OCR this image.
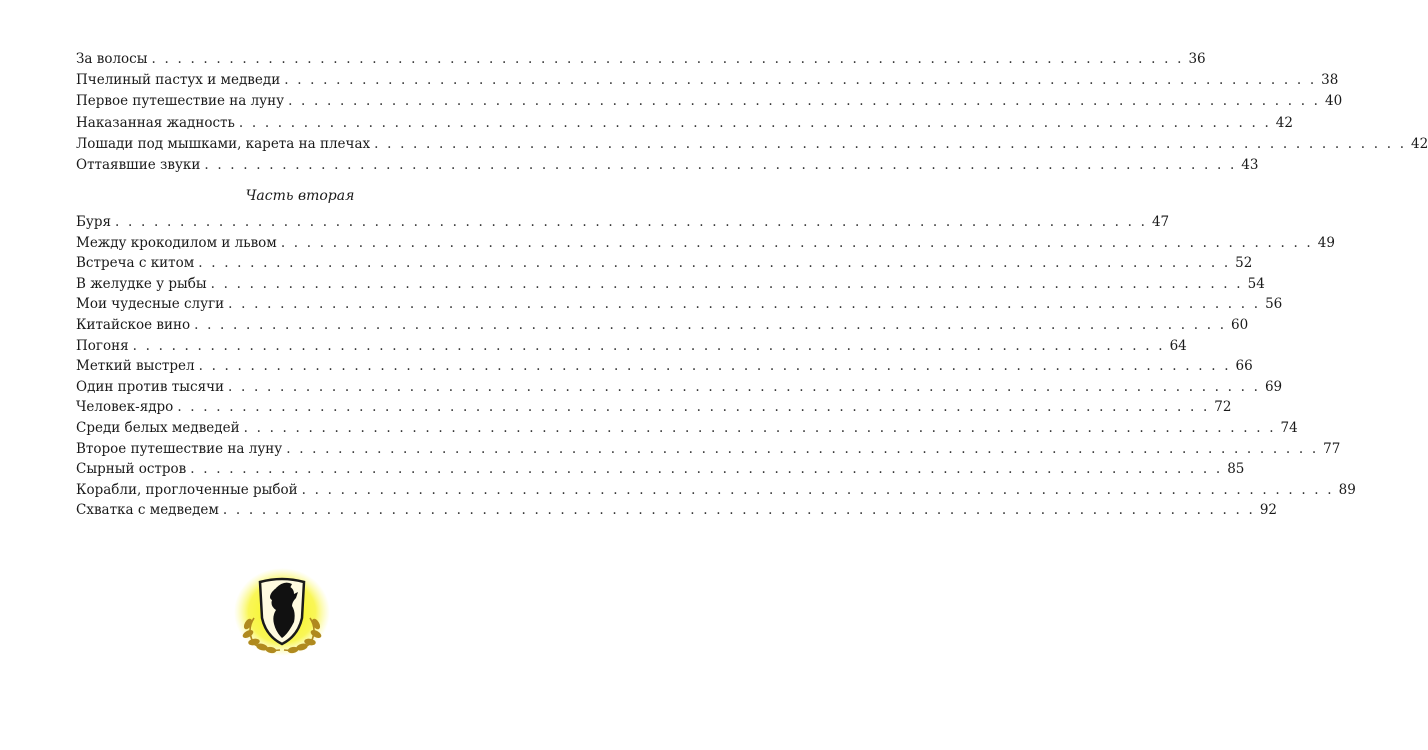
За волосы . . . . . . . . . . . . . . . . . . . . . . . . . . . . . . . . . . . . . . . . . . . . . . . . . . . . . . . . . . . . . . . . . . . . . . . . . . . . . . . . 36
Пчелиный пастух и медведи . . . . . . . . . . . . . . . . . . . . . . . . . . . . . . . . . . . . . . . . . . . . . . . . . . . . . . . . . . . . . . . . . . . . . . . . . . . . . . . . 38
Первое путешествие на луну . . . . . . . . . . . . . . . . . . . . . . . . . . . . . . . . . . . . . . . . . . . . . . . . . . . . . . . . . . . . . . . . . . . . . . . . . . . . . . . . 40
Наказанная жадность . . . . . . . . . . . . . . . . . . . . . . . . . . . . . . . . . . . . . . . . . . . . . . . . . . . . . . . . . . . . . . . . . . . . . . . . . . . . . . . . 42
Лошади под мышками, карета на плечах . . . . . . . . . . . . . . . . . . . . . . . . . . . . . . . . . . . . . . . . . . . . . . . . . . . . . . . . . . . . . . . . . . . . . . . . . . . . . . . . 42
Оттаявшие звуки . . . . . . . . . . . . . . . . . . . . . . . . . . . . . . . . . . . . . . . . . . . . . . . . . . . . . . . . . . . . . . . . . . . . . . . . . . . . . . . . 43
Часть вторая
Буря . . . . . . . . . . . . . . . . . . . . . . . . . . . . . . . . . . . . . . . . . . . . . . . . . . . . . . . . . . . . . . . . . . . . . . . . . . . . . . . . 47
Между крокодилом и львом . . . . . . . . . . . . . . . . . . . . . . . . . . . . . . . . . . . . . . . . . . . . . . . . . . . . . . . . . . . . . . . . . . . . . . . . . . . . . . . . 49
Встреча с китом . . . . . . . . . . . . . . . . . . . . . . . . . . . . . . . . . . . . . . . . . . . . . . . . . . . . . . . . . . . . . . . . . . . . . . . . . . . . . . . . 52
В желудке у рыбы . . . . . . . . . . . . . . . . . . . . . . . . . . . . . . . . . . . . . . . . . . . . . . . . . . . . . . . . . . . . . . . . . . . . . . . . . . . . . . . . 54
Мои чудесные слуги . . . . . . . . . . . . . . . . . . . . . . . . . . . . . . . . . . . . . . . . . . . . . . . . . . . . . . . . . . . . . . . . . . . . . . . . . . . . . . . . 56
Китайское вино . . . . . . . . . . . . . . . . . . . . . . . . . . . . . . . . . . . . . . . . . . . . . . . . . . . . . . . . . . . . . . . . . . . . . . . . . . . . . . . . 60
Погоня . . . . . . . . . . . . . . . . . . . . . . . . . . . . . . . . . . . . . . . . . . . . . . . . . . . . . . . . . . . . . . . . . . . . . . . . . . . . . . . . 64
Меткий выстрел . . . . . . . . . . . . . . . . . . . . . . . . . . . . . . . . . . . . . . . . . . . . . . . . . . . . . . . . . . . . . . . . . . . . . . . . . . . . . . . . 66
Один против тысячи . . . . . . . . . . . . . . . . . . . . . . . . . . . . . . . . . . . . . . . . . . . . . . . . . . . . . . . . . . . . . . . . . . . . . . . . . . . . . . . . 69
Человек-ядро . . . . . . . . . . . . . . . . . . . . . . . . . . . . . . . . . . . . . . . . . . . . . . . . . . . . . . . . . . . . . . . . . . . . . . . . . . . . . . . . 72
Среди белых медведей . . . . . . . . . . . . . . . . . . . . . . . . . . . . . . . . . . . . . . . . . . . . . . . . . . . . . . . . . . . . . . . . . . . . . . . . . . . . . . . . 74
Второе путешествие на луну . . . . . . . . . . . . . . . . . . . . . . . . . . . . . . . . . . . . . . . . . . . . . . . . . . . . . . . . . . . . . . . . . . . . . . . . . . . . . . . . 77
Сырный остров . . . . . . . . . . . . . . . . . . . . . . . . . . . . . . . . . . . . . . . . . . . . . . . . . . . . . . . . . . . . . . . . . . . . . . . . . . . . . . . . 85
Корабли, проглоченные рыбой . . . . . . . . . . . . . . . . . . . . . . . . . . . . . . . . . . . . . . . . . . . . . . . . . . . . . . . . . . . . . . . . . . . . . . . . . . . . . . . . 89
Схватка с медведем . . . . . . . . . . . . . . . . . . . . . . . . . . . . . . . . . . . . . . . . . . . . . . . . . . . . . . . . . . . . . . . . . . . . . . . . . . . . . . . . 92
